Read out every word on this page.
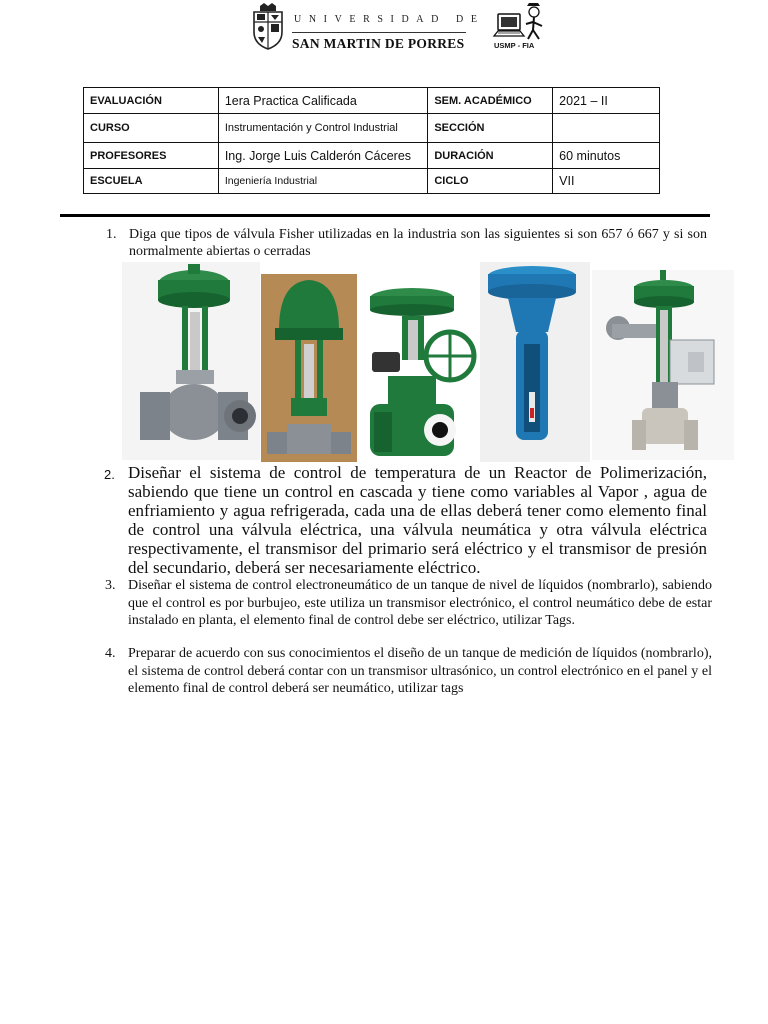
UNIVERSIDAD DE
SAN MARTIN DE PORRES	USMP - FIA
EVALUACIÓN	1era Practica Calificada	SEM. ACADÉMICO	2021 – II
CURSO	Instrumentación y Control Industrial	SECCIÓN	
PROFESORES	Ing. Jorge Luis Calderón Cáceres	DURACIÓN	60 minutos
ESCUELA	Ingeniería Industrial	CICLO	VII
1. Diga que tipos de válvula Fisher utilizadas en la industria son las siguientes si son 657 ó 667 y si son normalmente abiertas o cerradas
2. Diseñar el sistema de control de temperatura de un Reactor de Polimerización, sabiendo que tiene un control en cascada y tiene como variables al Vapor , agua de enfriamiento y agua refrigerada, cada una de ellas deberá tener como elemento final de control una válvula eléctrica, una válvula neumática y otra válvula eléctrica respectivamente, el transmisor del primario será eléctrico y el transmisor de presión del secundario, deberá ser necesariamente eléctrico.
3. Diseñar el sistema de control electroneumático de un tanque de nivel de líquidos (nombrarlo), sabiendo que el control es por burbujeo, este utiliza un transmisor electrónico, el control neumático debe de estar instalado en planta, el elemento final de control debe ser eléctrico, utilizar Tags.
4. Preparar de acuerdo con sus conocimientos el diseño de un tanque de medición de líquidos (nombrarlo), el sistema de control deberá contar con un transmisor ultrasónico, un control electrónico en el panel y el elemento final de control deberá ser neumático, utilizar tags
